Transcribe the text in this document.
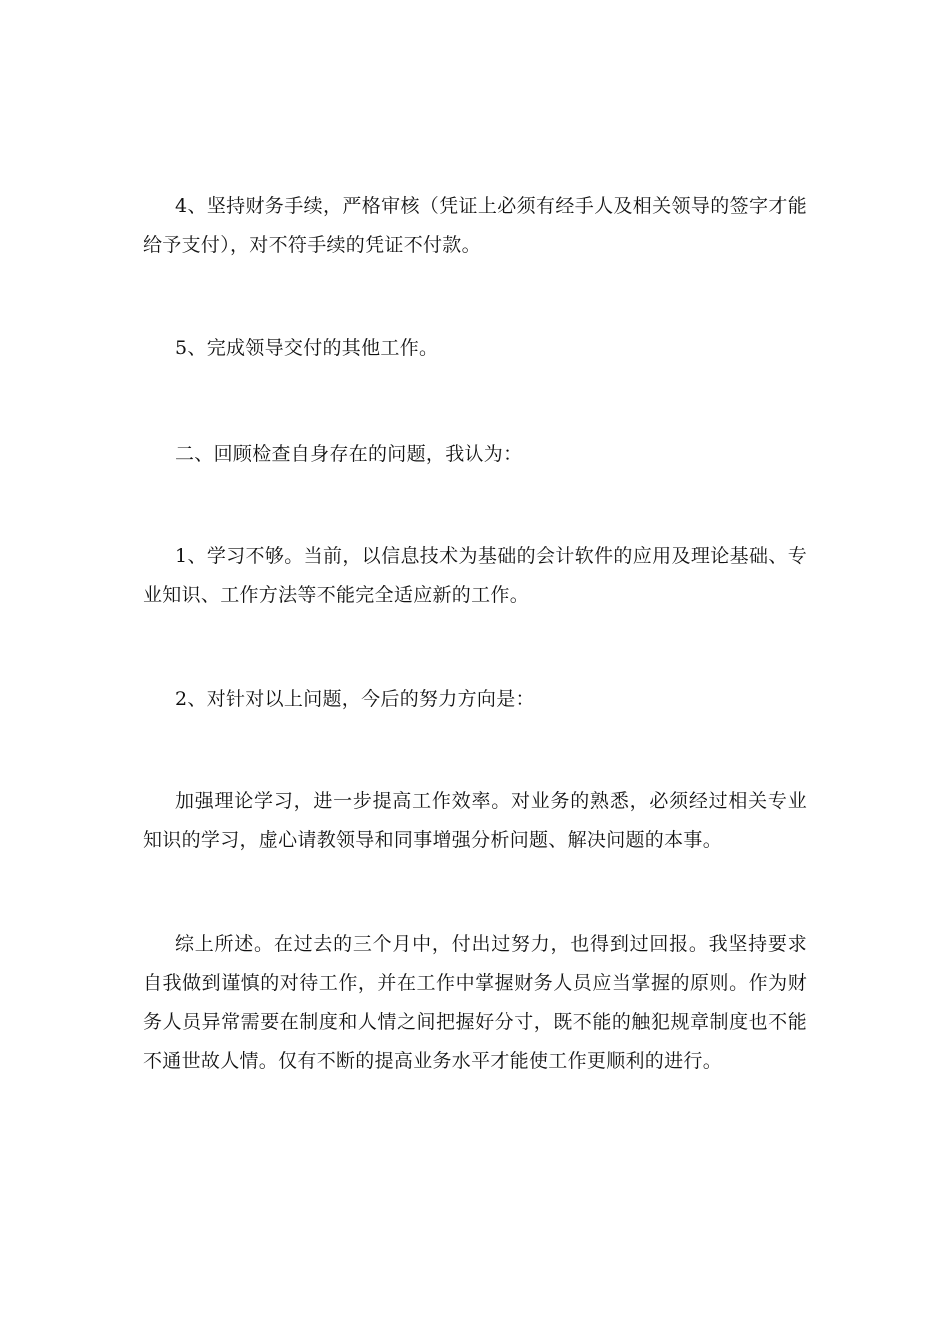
4、坚持财务手续，严格审核（凭证上必须有经手人及相关领导的签字才能给予支付），对不符手续的凭证不付款。

5、完成领导交付的其他工作。

二、回顾检查自身存在的问题，我认为：

1、学习不够。当前，以信息技术为基础的会计软件的应用及理论基础、专业知识、工作方法等不能完全适应新的工作。

2、对针对以上问题，今后的努力方向是：

加强理论学习，进一步提高工作效率。对业务的熟悉，必须经过相关专业知识的学习，虚心请教领导和同事增强分析问题、解决问题的本事。

综上所述。在过去的三个月中，付出过努力，也得到过回报。我坚持要求自我做到谨慎的对待工作，并在工作中掌握财务人员应当掌握的原则。作为财务人员异常需要在制度和人情之间把握好分寸，既不能的触犯规章制度也不能不通世故人情。仅有不断的提高业务水平才能使工作更顺利的进行。
